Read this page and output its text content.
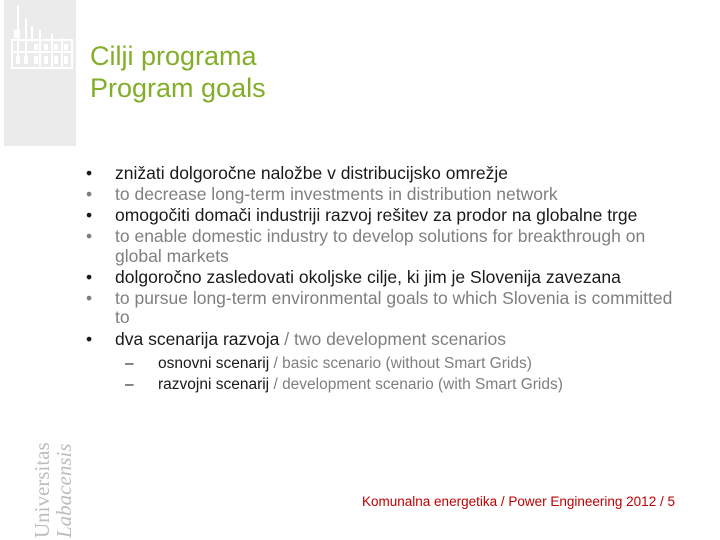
Cilji programa
Program goals
• znižati dolgoročne naložbe v distribucijsko omrežje
• to decrease long-term investments in distribution network
• omogočiti domači industriji razvoj rešitev za prodor na globalne trge
• to enable domestic industry to develop solutions for breakthrough on global markets
• dolgoročno zasledovati okoljske cilje, ki jim je Slovenija zavezana
• to pursue long-term environmental goals to which Slovenia is committed to
• dva scenarija razvoja / two development scenarios
– osnovni scenarij / basic scenario (without Smart Grids)
– razvojni scenarij / development scenario (with Smart Grids)
Universitas
Labacensis	Komunalna energetika / Power Engineering 2012 / 5
